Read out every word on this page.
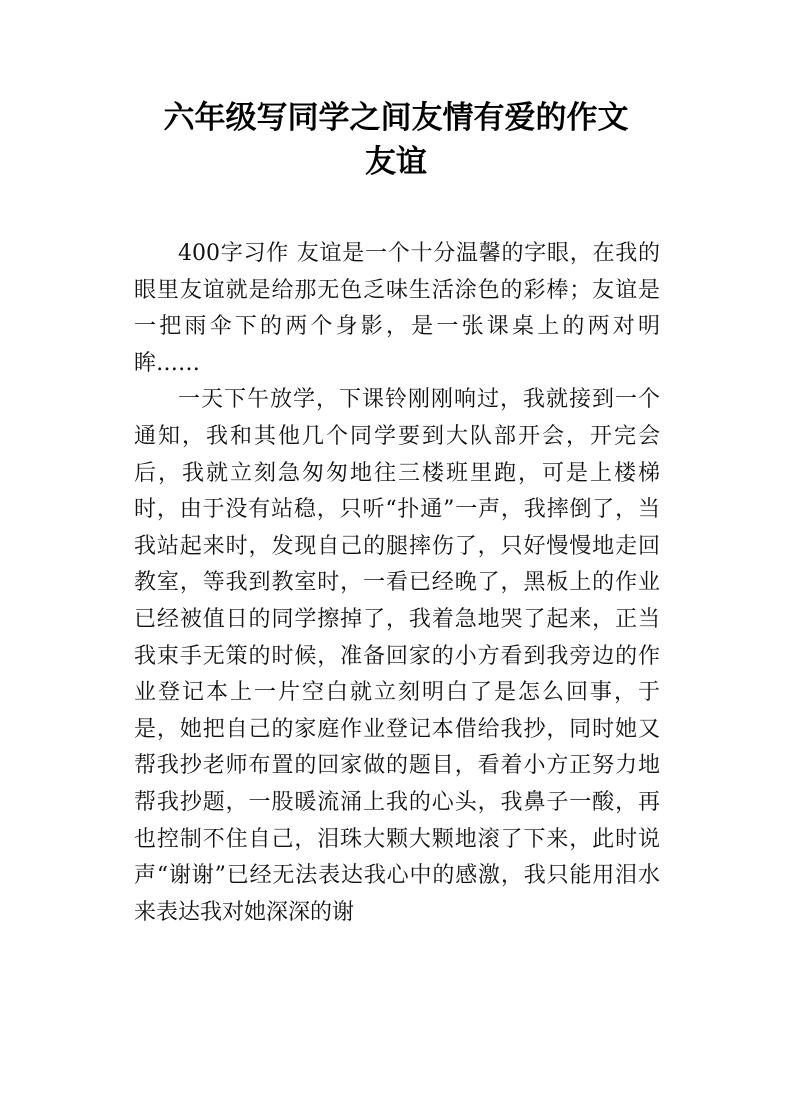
六年级写同学之间友情有爱的作文
友谊

400字习作 友谊是一个十分温馨的字眼，在我的眼里友谊就是给那无色乏味生活涂色的彩棒；友谊是一把雨伞下的两个身影，是一张课桌上的两对明眸……

一天下午放学，下课铃刚刚响过，我就接到一个通知，我和其他几个同学要到大队部开会，开完会后，我就立刻急匆匆地往三楼班里跑，可是上楼梯时，由于没有站稳，只听“扑通”一声，我摔倒了，当我站起来时，发现自己的腿摔伤了，只好慢慢地走回教室，等我到教室时，一看已经晚了，黑板上的作业已经被值日的同学擦掉了，我着急地哭了起来，正当我束手无策的时候，准备回家的小方看到我旁边的作业登记本上一片空白就立刻明白了是怎么回事，于是，她把自己的家庭作业登记本借给我抄，同时她又帮我抄老师布置的回家做的题目，看着小方正努力地帮我抄题，一股暖流涌上我的心头，我鼻子一酸，再也控制不住自己，泪珠大颗大颗地滚了下来，此时说声“谢谢”已经无法表达我心中的感激，我只能用泪水来表达我对她深深的谢
